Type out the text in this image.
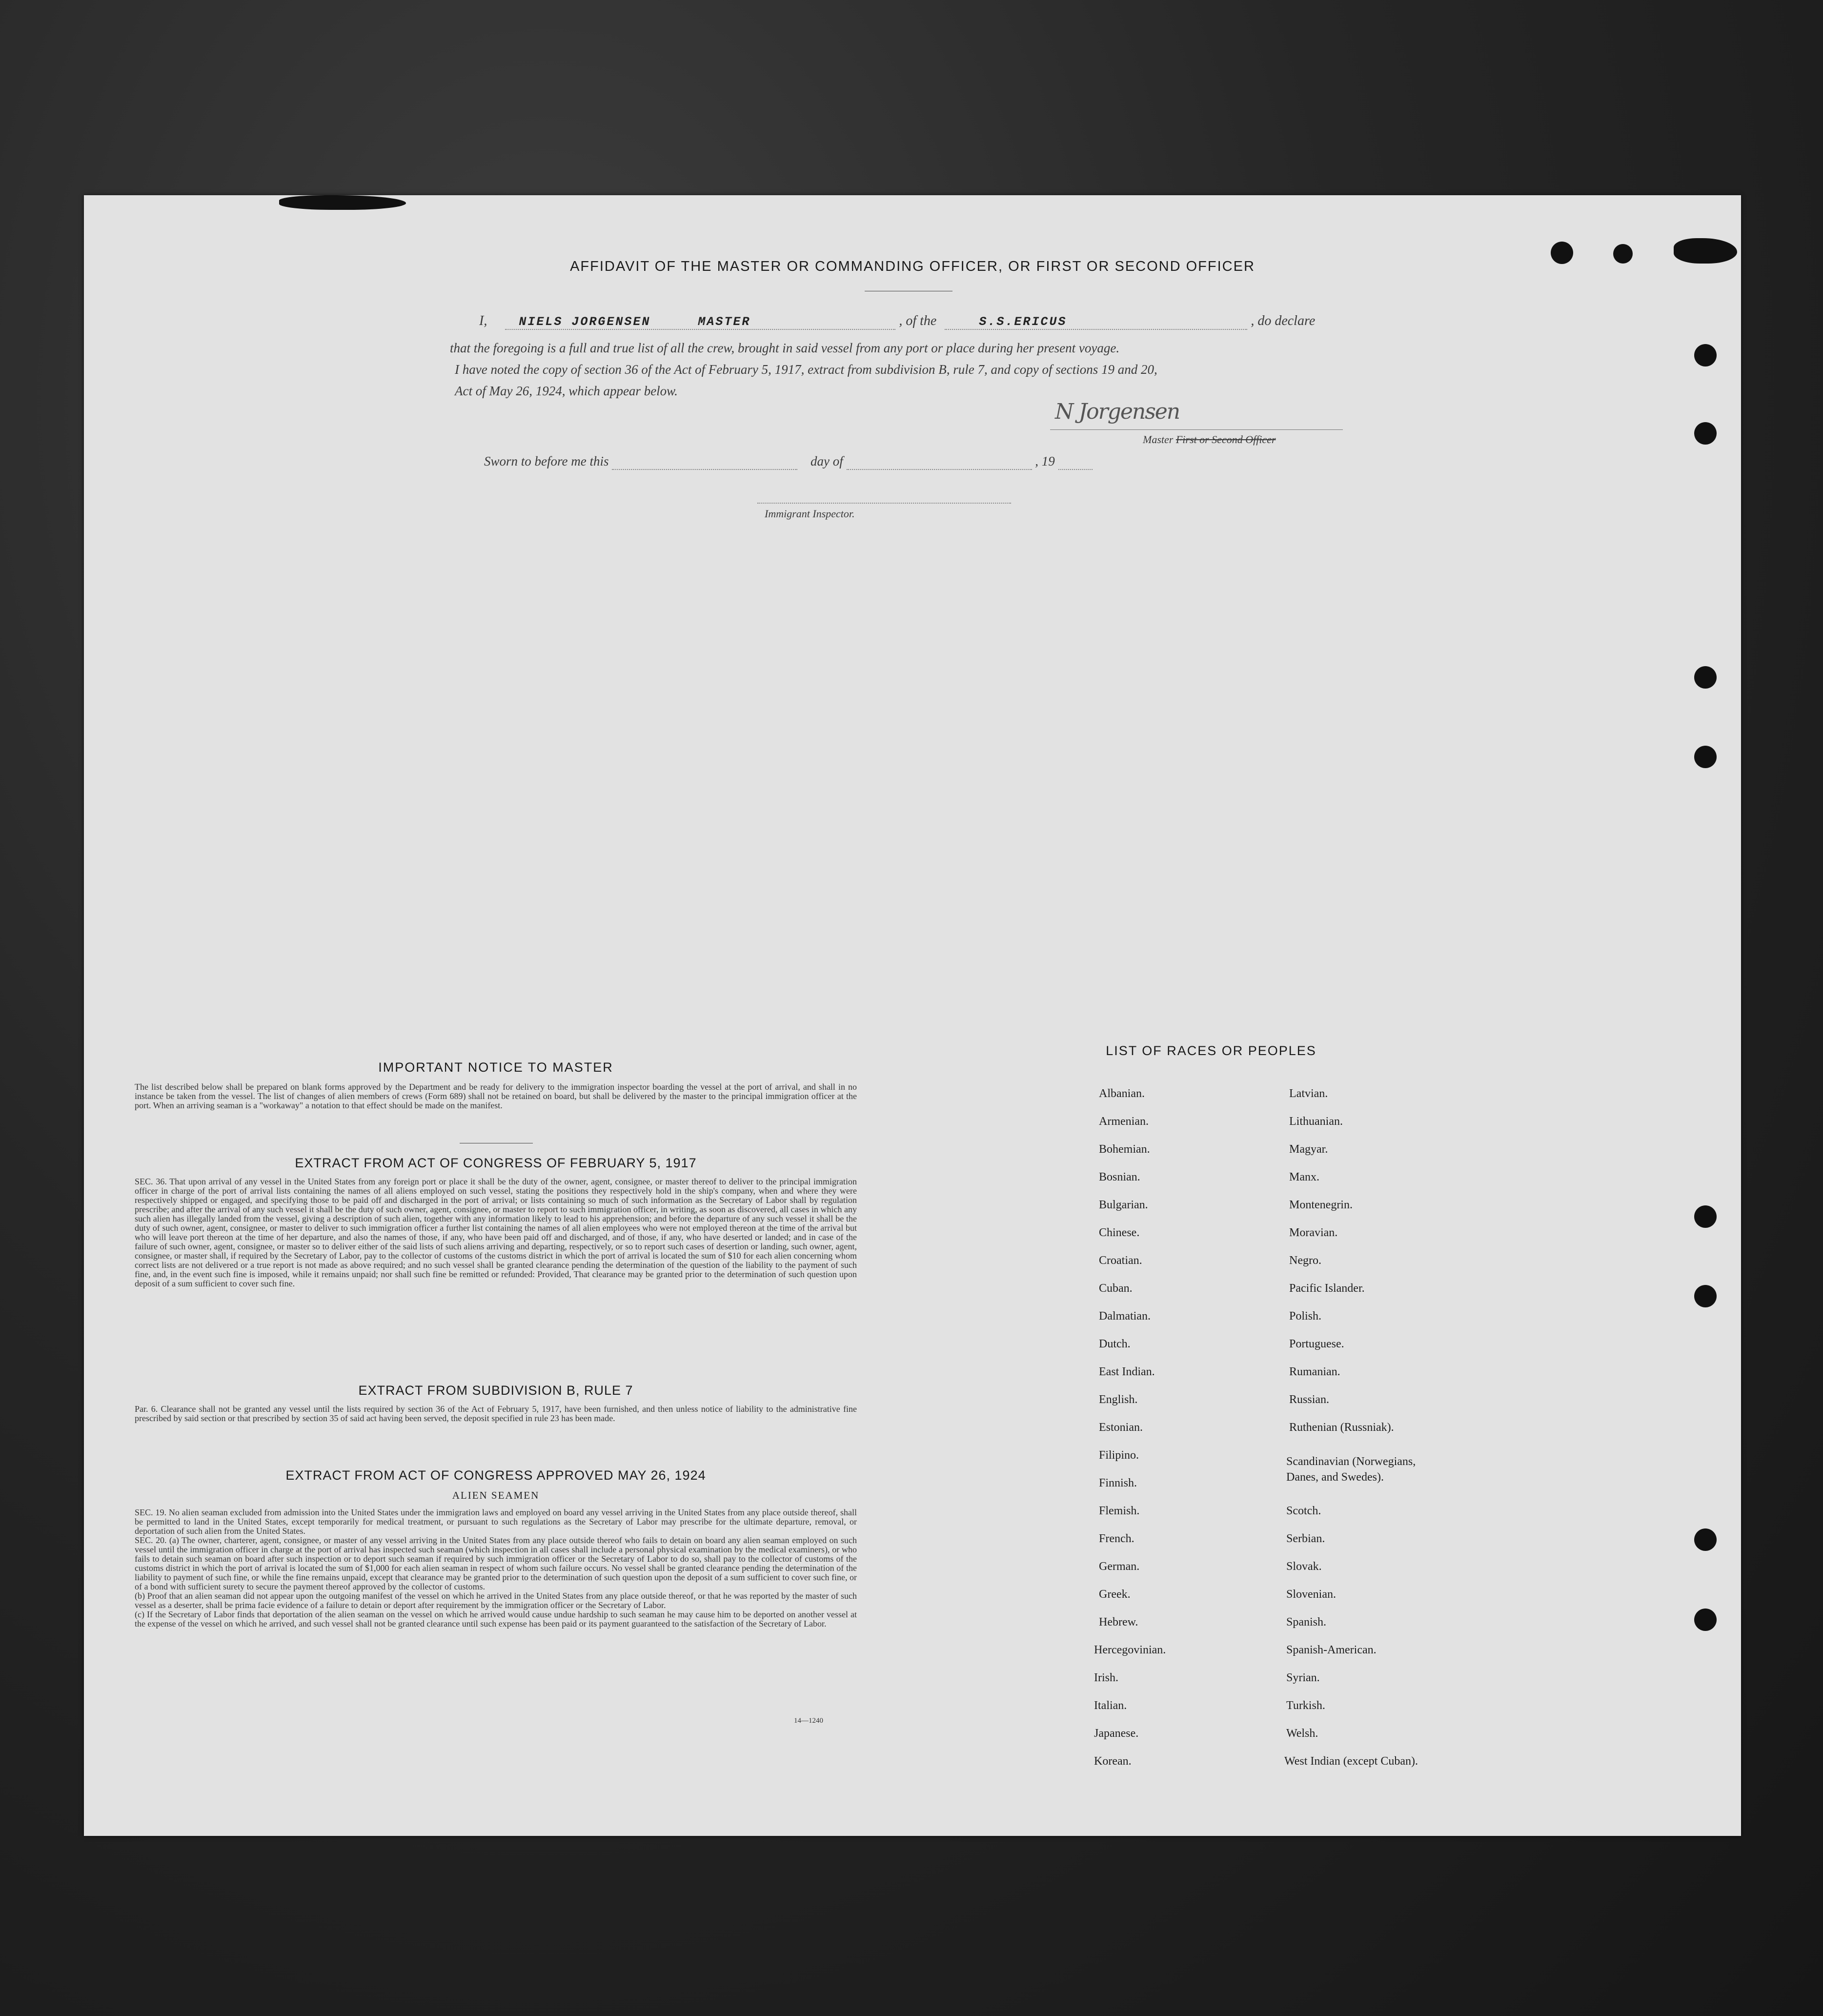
AFFIDAVIT OF THE MASTER OR COMMANDING OFFICER, OR FIRST OR SECOND OFFICER
I,	NIELS JORGENSEN	MASTER	, of the	S.S.ERICUS	, do declare
that the foregoing is a full and true list of all the crew, brought in said vessel from any port or place during her present voyage.
I have noted the copy of section 36 of the Act of February 5, 1917, extract from subdivision B, rule 7, and copy of sections 19 and 20,
Act of May 26, 1924, which appear below.
N Jorgensen
Master First or Second Officer
Sworn to before me this	day of	, 19
Immigrant Inspector.
IMPORTANT NOTICE TO MASTER
The list described below shall be prepared on blank forms approved by the Department and be ready for delivery to the immigration inspector boarding the vessel at the port of arrival, and shall in no instance be taken from the vessel. The list of changes of alien members of crews (Form 689) shall not be retained on board, but shall be delivered by the master to the principal immigration officer at the port. When an arriving seaman is a "workaway" a notation to that effect should be made on the manifest.
EXTRACT FROM ACT OF CONGRESS OF FEBRUARY 5, 1917
SEC. 36. That upon arrival of any vessel in the United States from any foreign port or place it shall be the duty of the owner, agent, consignee, or master thereof to deliver to the principal immigration officer in charge of the port of arrival lists containing the names of all aliens employed on such vessel, stating the positions they respectively hold in the ship's company, when and where they were respectively shipped or engaged, and specifying those to be paid off and discharged in the port of arrival; or lists containing so much of such information as the Secretary of Labor shall by regulation prescribe; and after the arrival of any such vessel it shall be the duty of such owner, agent, consignee, or master to report to such immigration officer, in writing, as soon as discovered, all cases in which any such alien has illegally landed from the vessel, giving a description of such alien, together with any information likely to lead to his apprehension; and before the departure of any such vessel it shall be the duty of such owner, agent, consignee, or master to deliver to such immigration officer a further list containing the names of all alien employees who were not employed thereon at the time of the arrival but who will leave port thereon at the time of her departure, and also the names of those, if any, who have been paid off and discharged, and of those, if any, who have deserted or landed; and in case of the failure of such owner, agent, consignee, or master so to deliver either of the said lists of such aliens arriving and departing, respectively, or so to report such cases of desertion or landing, such owner, agent, consignee, or master shall, if required by the Secretary of Labor, pay to the collector of customs of the customs district in which the port of arrival is located the sum of $10 for each alien concerning whom correct lists are not delivered or a true report is not made as above required; and no such vessel shall be granted clearance pending the determination of the question of the liability to the payment of such fine, and, in the event such fine is imposed, while it remains unpaid; nor shall such fine be remitted or refunded: Provided, That clearance may be granted prior to the determination of such question upon deposit of a sum sufficient to cover such fine.
EXTRACT FROM SUBDIVISION B, RULE 7
Par. 6. Clearance shall not be granted any vessel until the lists required by section 36 of the Act of February 5, 1917, have been furnished, and then unless notice of liability to the administrative fine prescribed by said section or that prescribed by section 35 of said act having been served, the deposit specified in rule 23 has been made.
EXTRACT FROM ACT OF CONGRESS APPROVED MAY 26, 1924
ALIEN SEAMEN
SEC. 19. No alien seaman excluded from admission into the United States under the immigration laws and employed on board any vessel arriving in the United States from any place outside thereof, shall be permitted to land in the United States, except temporarily for medical treatment, or pursuant to such regulations as the Secretary of Labor may prescribe for the ultimate departure, removal, or deportation of such alien from the United States.
SEC. 20. (a) The owner, charterer, agent, consignee, or master of any vessel arriving in the United States from any place outside thereof who fails to detain on board any alien seaman employed on such vessel until the immigration officer in charge at the port of arrival has inspected such seaman (which inspection in all cases shall include a personal physical examination by the medical examiners), or who fails to detain such seaman on board after such inspection or to deport such seaman if required by such immigration officer or the Secretary of Labor to do so, shall pay to the collector of customs of the customs district in which the port of arrival is located the sum of $1,000 for each alien seaman in respect of whom such failure occurs. No vessel shall be granted clearance pending the determination of the liability to payment of such fine, or while the fine remains unpaid, except that clearance may be granted prior to the determination of such question upon the deposit of a sum sufficient to cover such fine, or of a bond with sufficient surety to secure the payment thereof approved by the collector of customs.
(b) Proof that an alien seaman did not appear upon the outgoing manifest of the vessel on which he arrived in the United States from any place outside thereof, or that he was reported by the master of such vessel as a deserter, shall be prima facie evidence of a failure to detain or deport after requirement by the immigration officer or the Secretary of Labor.
(c) If the Secretary of Labor finds that deportation of the alien seaman on the vessel on which he arrived would cause undue hardship to such seaman he may cause him to be deported on another vessel at the expense of the vessel on which he arrived, and such vessel shall not be granted clearance until such expense has been paid or its payment guaranteed to the satisfaction of the Secretary of Labor.
14—1240
LIST OF RACES OR PEOPLES
Albanian.
Armenian.
Bohemian.
Bosnian.
Bulgarian.
Chinese.
Croatian.
Cuban.
Dalmatian.
Dutch.
East Indian.
English.
Estonian.
Filipino.
Finnish.
Flemish.
French.
German.
Greek.
Hebrew.
Hercegovinian.
Irish.
Italian.
Japanese.
Korean.
Latvian.
Lithuanian.
Magyar.
Manx.
Montenegrin.
Moravian.
Negro.
Pacific Islander.
Polish.
Portuguese.
Rumanian.
Russian.
Ruthenian (Russniak).
Scandinavian (Norwegians,
Danes, and Swedes).
Scotch.
Serbian.
Slovak.
Slovenian.
Spanish.
Spanish-American.
Syrian.
Turkish.
Welsh.
West Indian (except Cuban).
